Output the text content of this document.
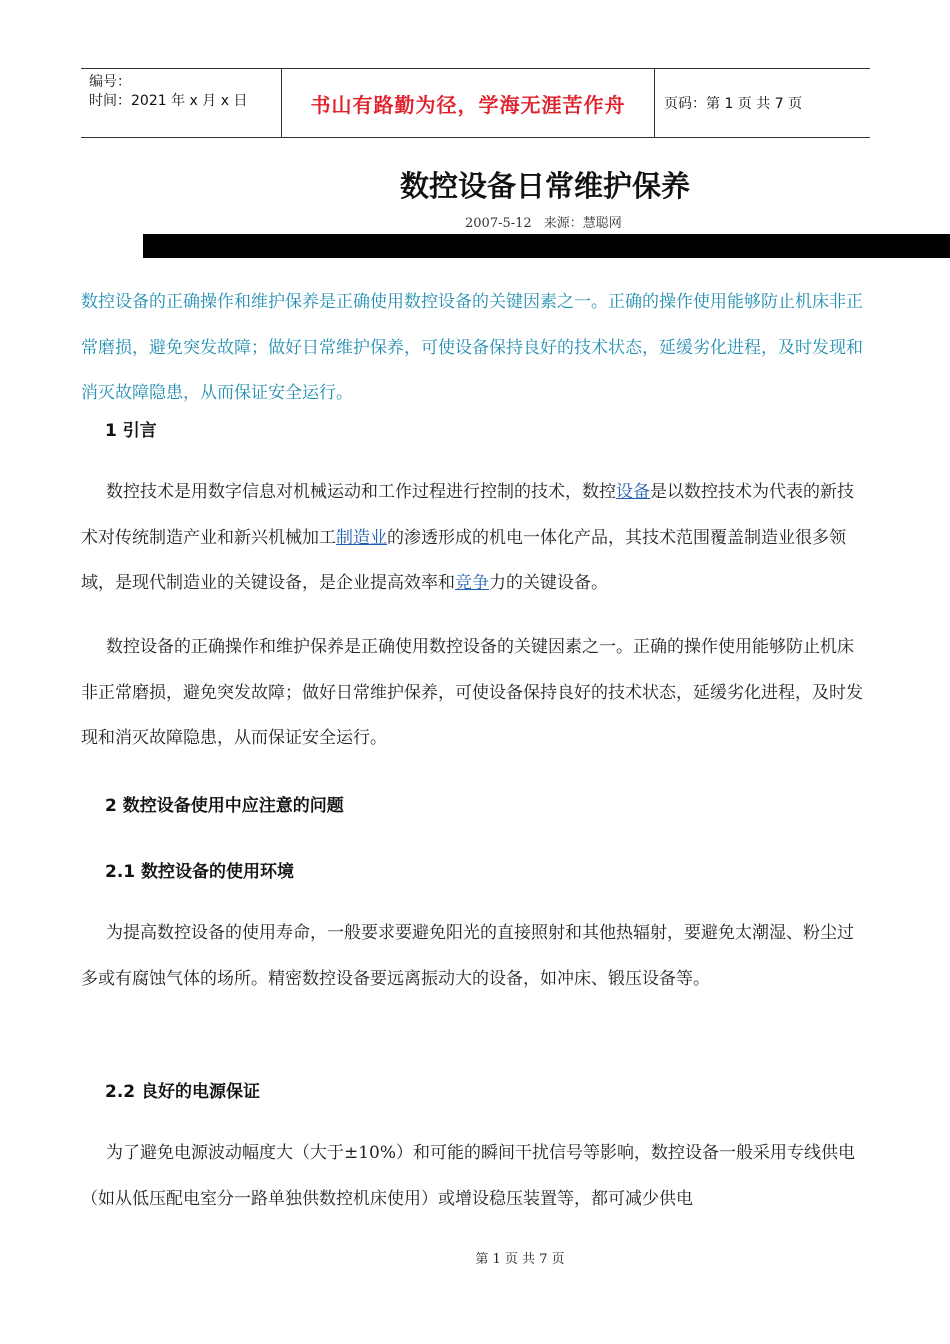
编号：
时间：2021 年 x 月 x 日	书山有路勤为径，学海无涯苦作舟	页码：第 1 页 共 7 页
数控设备日常维护保养
2007-5-12 来源：慧聪网

数控设备的正确操作和维护保养是正确使用数控设备的关键因素之一。正确的操作使用能够防止机床非正常磨损，避免突发故障；做好日常维护保养，可使设备保持良好的技术状态，延缓劣化进程，及时发现和消灭故障隐患，从而保证安全运行。

1 引言

数控技术是用数字信息对机械运动和工作过程进行控制的技术，数控设备是以数控技术为代表的新技术对传统制造产业和新兴机械加工制造业的渗透形成的机电一体化产品，其技术范围覆盖制造业很多领域，是现代制造业的关键设备，是企业提高效率和竞争力的关键设备。

数控设备的正确操作和维护保养是正确使用数控设备的关键因素之一。正确的操作使用能够防止机床非正常磨损，避免突发故障；做好日常维护保养，可使设备保持良好的技术状态，延缓劣化进程，及时发现和消灭故障隐患，从而保证安全运行。

2 数控设备使用中应注意的问题
2.1 数控设备的使用环境

为提高数控设备的使用寿命，一般要求要避免阳光的直接照射和其他热辐射，要避免太潮湿、粉尘过多或有腐蚀气体的场所。精密数控设备要远离振动大的设备，如冲床、锻压设备等。

2.2 良好的电源保证

为了避免电源波动幅度大（大于±10%）和可能的瞬间干扰信号等影响，数控设备一般采用专线供电（如从低压配电室分一路单独供数控机床使用）或增设稳压装置等，都可减少供电

第 1 页 共 7 页
